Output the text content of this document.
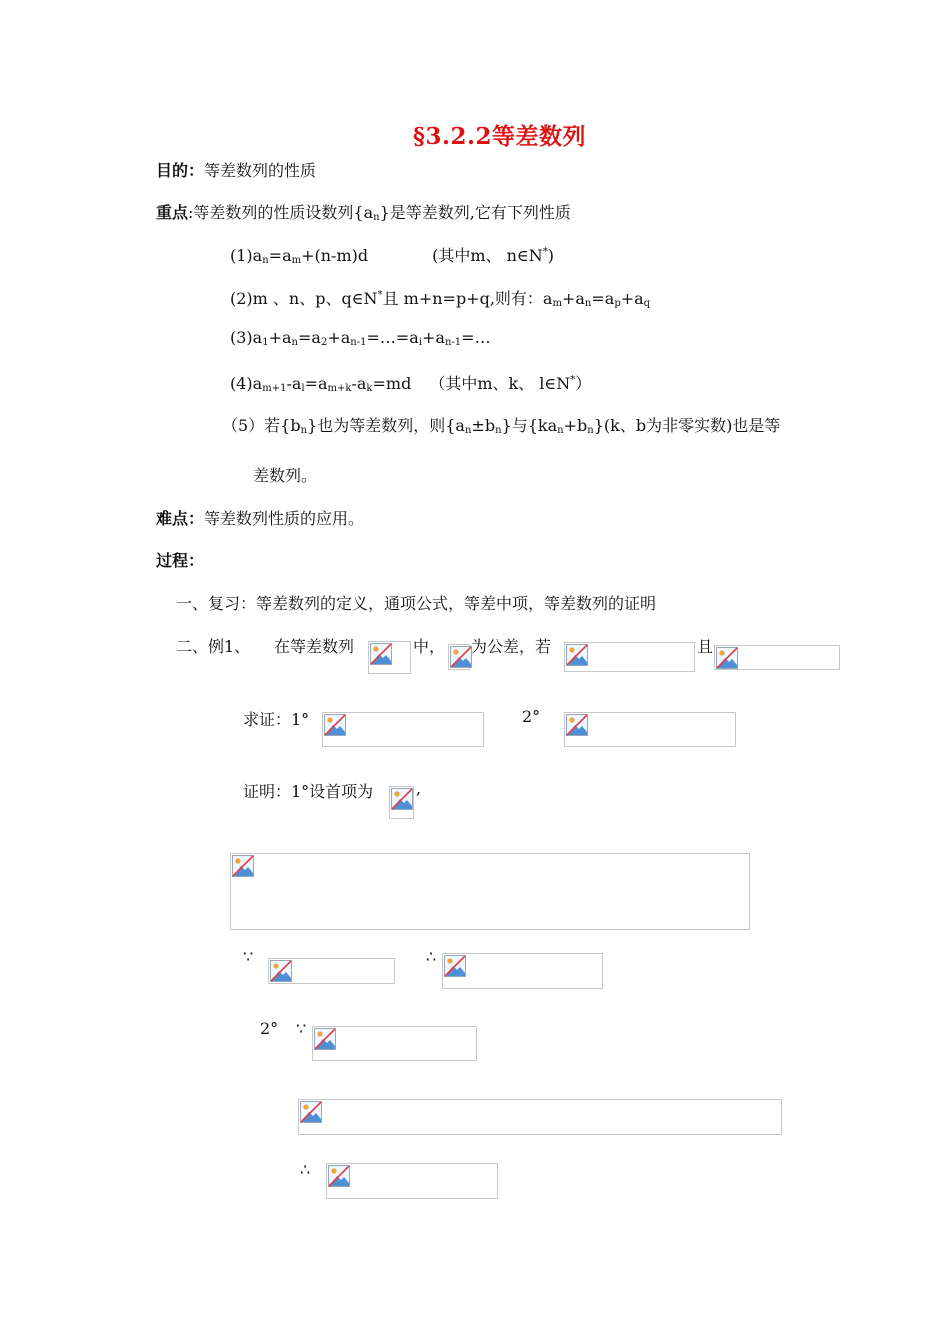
§3.2.2等差数列
目的：等差数列的性质
重点:等差数列的性质设数列$\{a_n\}$是等差数列,它有下列性质
$(1)a_n=a_m+(n-m)d$	(其中m、 n∈N*)
(2)m 、n、p、q∈N*且 m+n=p+q,则有：$a_m+a_n=a_p+a_q$
$(3)a_1+a_n=a_2+a_{n-1}=\dots=a_i+a_{n-1}=\dots$
$(4)a_{m+1}-a_l=a_{m+k}-a_k=md$ （其中m、k、 l∈N*）
（5）若$\{b_n\}$也为等差数列，则$\{a_n\pm b_n\}$与$\{ka_n+b_n\}(k$、b为非零实数)也是等
差数列。
难点：等差数列性质的应用。
过程：
一、复习：等差数列的定义，通项公式，等差中项，等差数列的证明
二、例1、 在等差数列	中， 为公差，若	且
求证：1°	2°
证明：1°设首项为	,
∵	∴
2° ∵
∴
